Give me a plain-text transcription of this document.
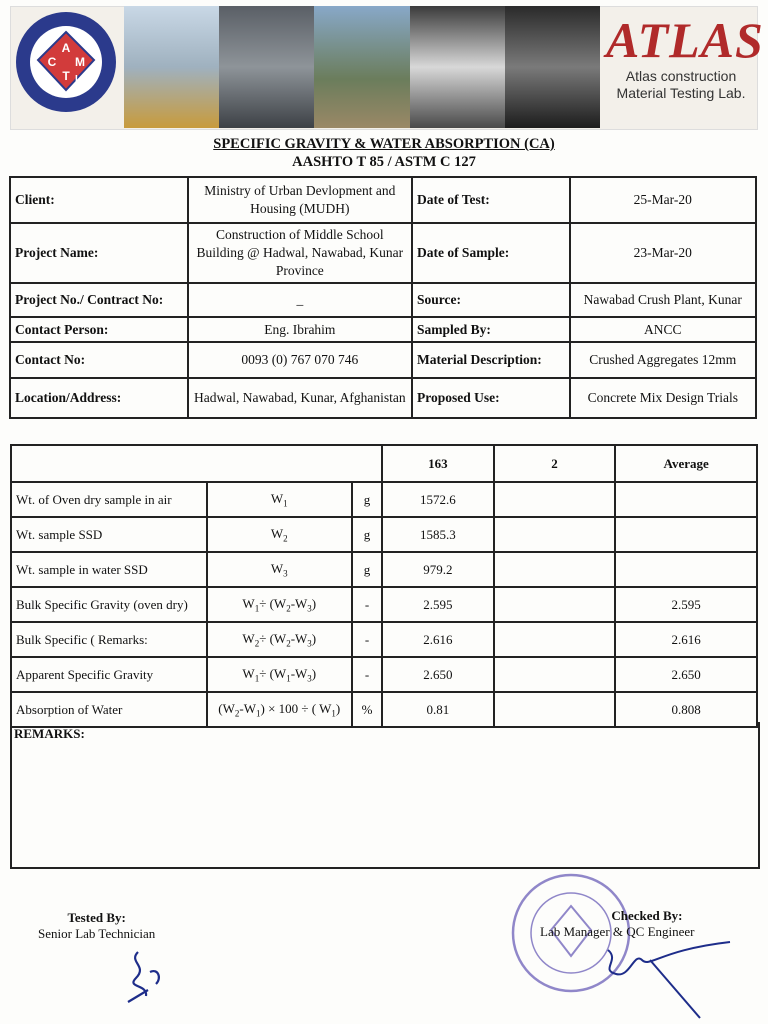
A
C M
T L
ATLAS
Atlas construction
Material Testing Lab.
SPECIFIC GRAVITY & WATER ABSORPTION (CA)
AASHTO T 85 / ASTM C 127
Client:	Ministry of Urban Devlopment and Housing (MUDH)	Date of Test:	25-Mar-20
Project Name:	Construction of Middle School Building @ Hadwal, Nawabad, Kunar Province	Date of Sample:	23-Mar-20
Project No./ Contract No:	_	Source:	Nawabad Crush Plant, Kunar
Contact Person:	Eng. Ibrahim	Sampled By:	ANCC
Contact No:	0093 (0) 767 070 746	Material Description:	Crushed Aggregates 12mm
Location/Address:	Hadwal, Nawabad, Kunar, Afghanistan	Proposed Use:	Concrete Mix Design Trials
			163	2	Average
Wt. of Oven dry sample in air	$W_1$	g	1572.6		
Wt. sample SSD	$W_2$	g	1585.3		
Wt. sample in water SSD	$W_3$	g	979.2		
Bulk Specific Gravity (oven dry)	$W_1\div (W_2-W_3)$	-	2.595		2.595
Bulk Specific ( Remarks:	$W_2\div (W_2-W_3)$	-	2.616		2.616
Apparent Specific Gravity	$W_1\div (W_1-W_3)$	-	2.650		2.650
Absorption of Water	$(W_2-W_1) \times 100$ ÷ ( $W_1$)	%	0.81		0.808
REMARKS:
Tested By:
Senior Lab Technician
Checked By:
Lab Manager & QC Engineer
